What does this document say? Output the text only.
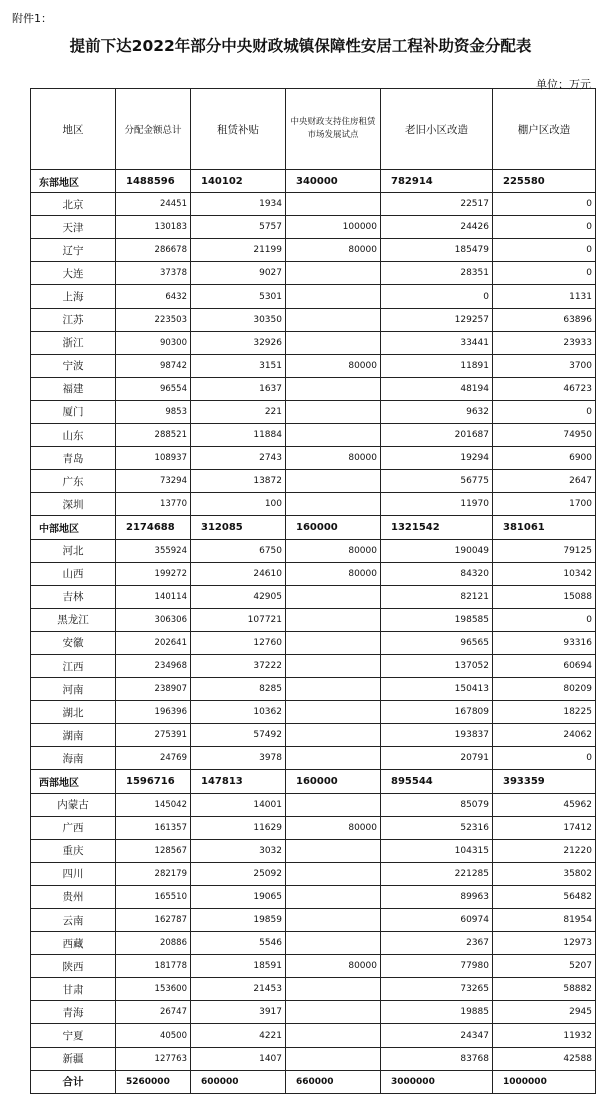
附件1：
提前下达2022年部分中央财政城镇保障性安居工程补助资金分配表
单位：万元
地区	分配金额总计	租赁补贴	中央财政支持住房租赁市场发展试点	老旧小区改造	棚户区改造
东部地区	1488596	140102	340000	782914	225580
北京	24451	1934		22517	0
天津	130183	5757	100000	24426	0
辽宁	286678	21199	80000	185479	0
大连	37378	9027		28351	0
上海	6432	5301		0	1131
江苏	223503	30350		129257	63896
浙江	90300	32926		33441	23933
宁波	98742	3151	80000	11891	3700
福建	96554	1637		48194	46723
厦门	9853	221		9632	0
山东	288521	11884		201687	74950
青岛	108937	2743	80000	19294	6900
广东	73294	13872		56775	2647
深圳	13770	100		11970	1700
中部地区	2174688	312085	160000	1321542	381061
河北	355924	6750	80000	190049	79125
山西	199272	24610	80000	84320	10342
吉林	140114	42905		82121	15088
黑龙江	306306	107721		198585	0
安徽	202641	12760		96565	93316
江西	234968	37222		137052	60694
河南	238907	8285		150413	80209
湖北	196396	10362		167809	18225
湖南	275391	57492		193837	24062
海南	24769	3978		20791	0
西部地区	1596716	147813	160000	895544	393359
内蒙古	145042	14001		85079	45962
广西	161357	11629	80000	52316	17412
重庆	128567	3032		104315	21220
四川	282179	25092		221285	35802
贵州	165510	19065		89963	56482
云南	162787	19859		60974	81954
西藏	20886	5546		2367	12973
陕西	181778	18591	80000	77980	5207
甘肃	153600	21453		73265	58882
青海	26747	3917		19885	2945
宁夏	40500	4221		24347	11932
新疆	127763	1407		83768	42588
合计	5260000	600000	660000	3000000	1000000
